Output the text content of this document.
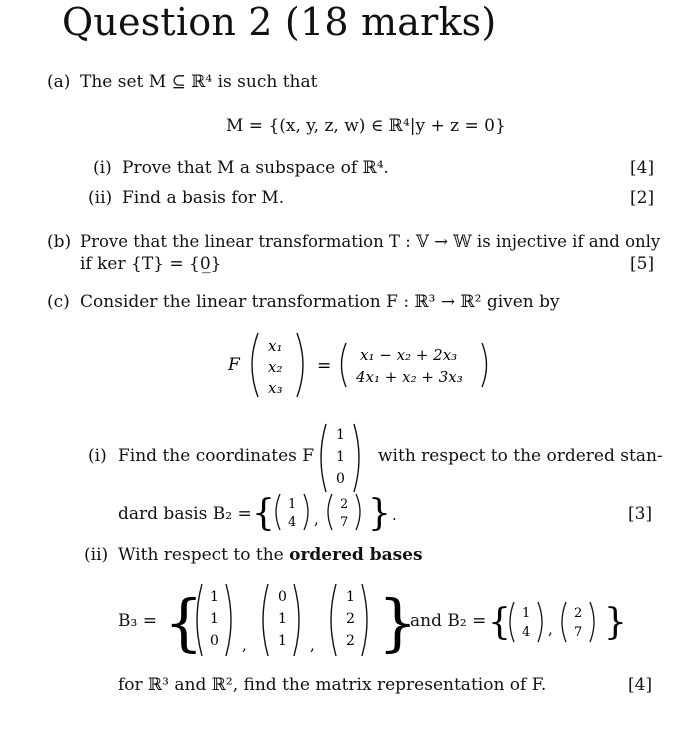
Question 2 (18 marks)
(a) The set M ⊆ ℝ⁴ is such that
M = {(x, y, z, w) ∈ ℝ⁴|y + z = 0}
(i) Prove that M a subspace of ℝ⁴.	[4]
(ii) Find a basis for M.	[2]
(b) Prove that the linear transformation T : 𝕍 → 𝕎 is injective if and only
if ker {T} = {0̲}	[5]
(c) Consider the linear transformation F : ℝ³ → ℝ² given by
F
x₁
x₂
x₃
=
x₁ − x₂ + 2x₃
4x₁ + x₂ + 3x₃
(i) Find the coordinates F
1
1
0
with respect to the ordered stan-
dard basis B₂ = { 1
4 ,
2
7 } .	[3]
(ii) With respect to the ordered bases
B₃ = { 1
1
0 ,
0
1
1 ,
1
2
2 }
and B₂ = { 1
4 ,
2
7 }
for ℝ³ and ℝ², find the matrix representation of F.	[4]
